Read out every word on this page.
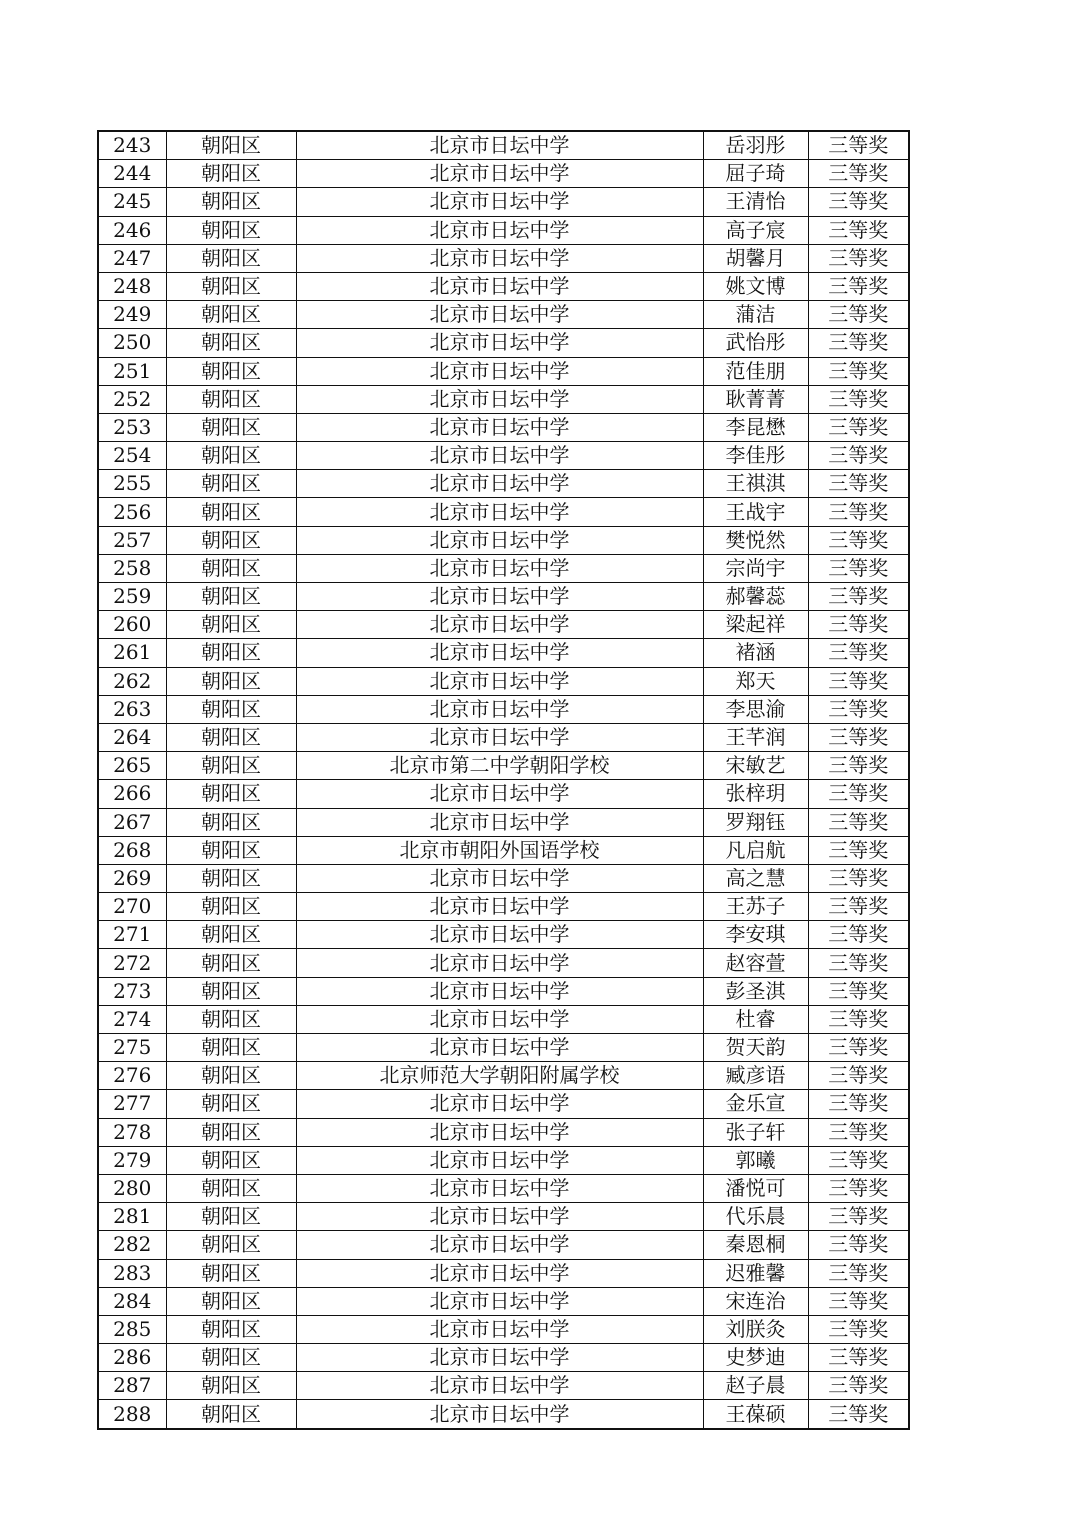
243	朝阳区	北京市日坛中学	岳羽彤	三等奖
244	朝阳区	北京市日坛中学	屈子琦	三等奖
245	朝阳区	北京市日坛中学	王清怡	三等奖
246	朝阳区	北京市日坛中学	高子宸	三等奖
247	朝阳区	北京市日坛中学	胡馨月	三等奖
248	朝阳区	北京市日坛中学	姚文博	三等奖
249	朝阳区	北京市日坛中学	蒲洁	三等奖
250	朝阳区	北京市日坛中学	武怡彤	三等奖
251	朝阳区	北京市日坛中学	范佳朋	三等奖
252	朝阳区	北京市日坛中学	耿菁菁	三等奖
253	朝阳区	北京市日坛中学	李昆懋	三等奖
254	朝阳区	北京市日坛中学	李佳彤	三等奖
255	朝阳区	北京市日坛中学	王祺淇	三等奖
256	朝阳区	北京市日坛中学	王战宇	三等奖
257	朝阳区	北京市日坛中学	樊悦然	三等奖
258	朝阳区	北京市日坛中学	宗尚宇	三等奖
259	朝阳区	北京市日坛中学	郝馨蕊	三等奖
260	朝阳区	北京市日坛中学	梁起祥	三等奖
261	朝阳区	北京市日坛中学	褚涵	三等奖
262	朝阳区	北京市日坛中学	郑天	三等奖
263	朝阳区	北京市日坛中学	李思渝	三等奖
264	朝阳区	北京市日坛中学	王芊润	三等奖
265	朝阳区	北京市第二中学朝阳学校	宋敏艺	三等奖
266	朝阳区	北京市日坛中学	张梓玥	三等奖
267	朝阳区	北京市日坛中学	罗翔钰	三等奖
268	朝阳区	北京市朝阳外国语学校	凡启航	三等奖
269	朝阳区	北京市日坛中学	高之慧	三等奖
270	朝阳区	北京市日坛中学	王苏子	三等奖
271	朝阳区	北京市日坛中学	李安琪	三等奖
272	朝阳区	北京市日坛中学	赵容萱	三等奖
273	朝阳区	北京市日坛中学	彭圣淇	三等奖
274	朝阳区	北京市日坛中学	杜睿	三等奖
275	朝阳区	北京市日坛中学	贺天韵	三等奖
276	朝阳区	北京师范大学朝阳附属学校	臧彦语	三等奖
277	朝阳区	北京市日坛中学	金乐宣	三等奖
278	朝阳区	北京市日坛中学	张子轩	三等奖
279	朝阳区	北京市日坛中学	郭曦	三等奖
280	朝阳区	北京市日坛中学	潘悦可	三等奖
281	朝阳区	北京市日坛中学	代乐晨	三等奖
282	朝阳区	北京市日坛中学	秦恩桐	三等奖
283	朝阳区	北京市日坛中学	迟雅馨	三等奖
284	朝阳区	北京市日坛中学	宋连治	三等奖
285	朝阳区	北京市日坛中学	刘朕灸	三等奖
286	朝阳区	北京市日坛中学	史梦迪	三等奖
287	朝阳区	北京市日坛中学	赵子晨	三等奖
288	朝阳区	北京市日坛中学	王葆硕	三等奖
